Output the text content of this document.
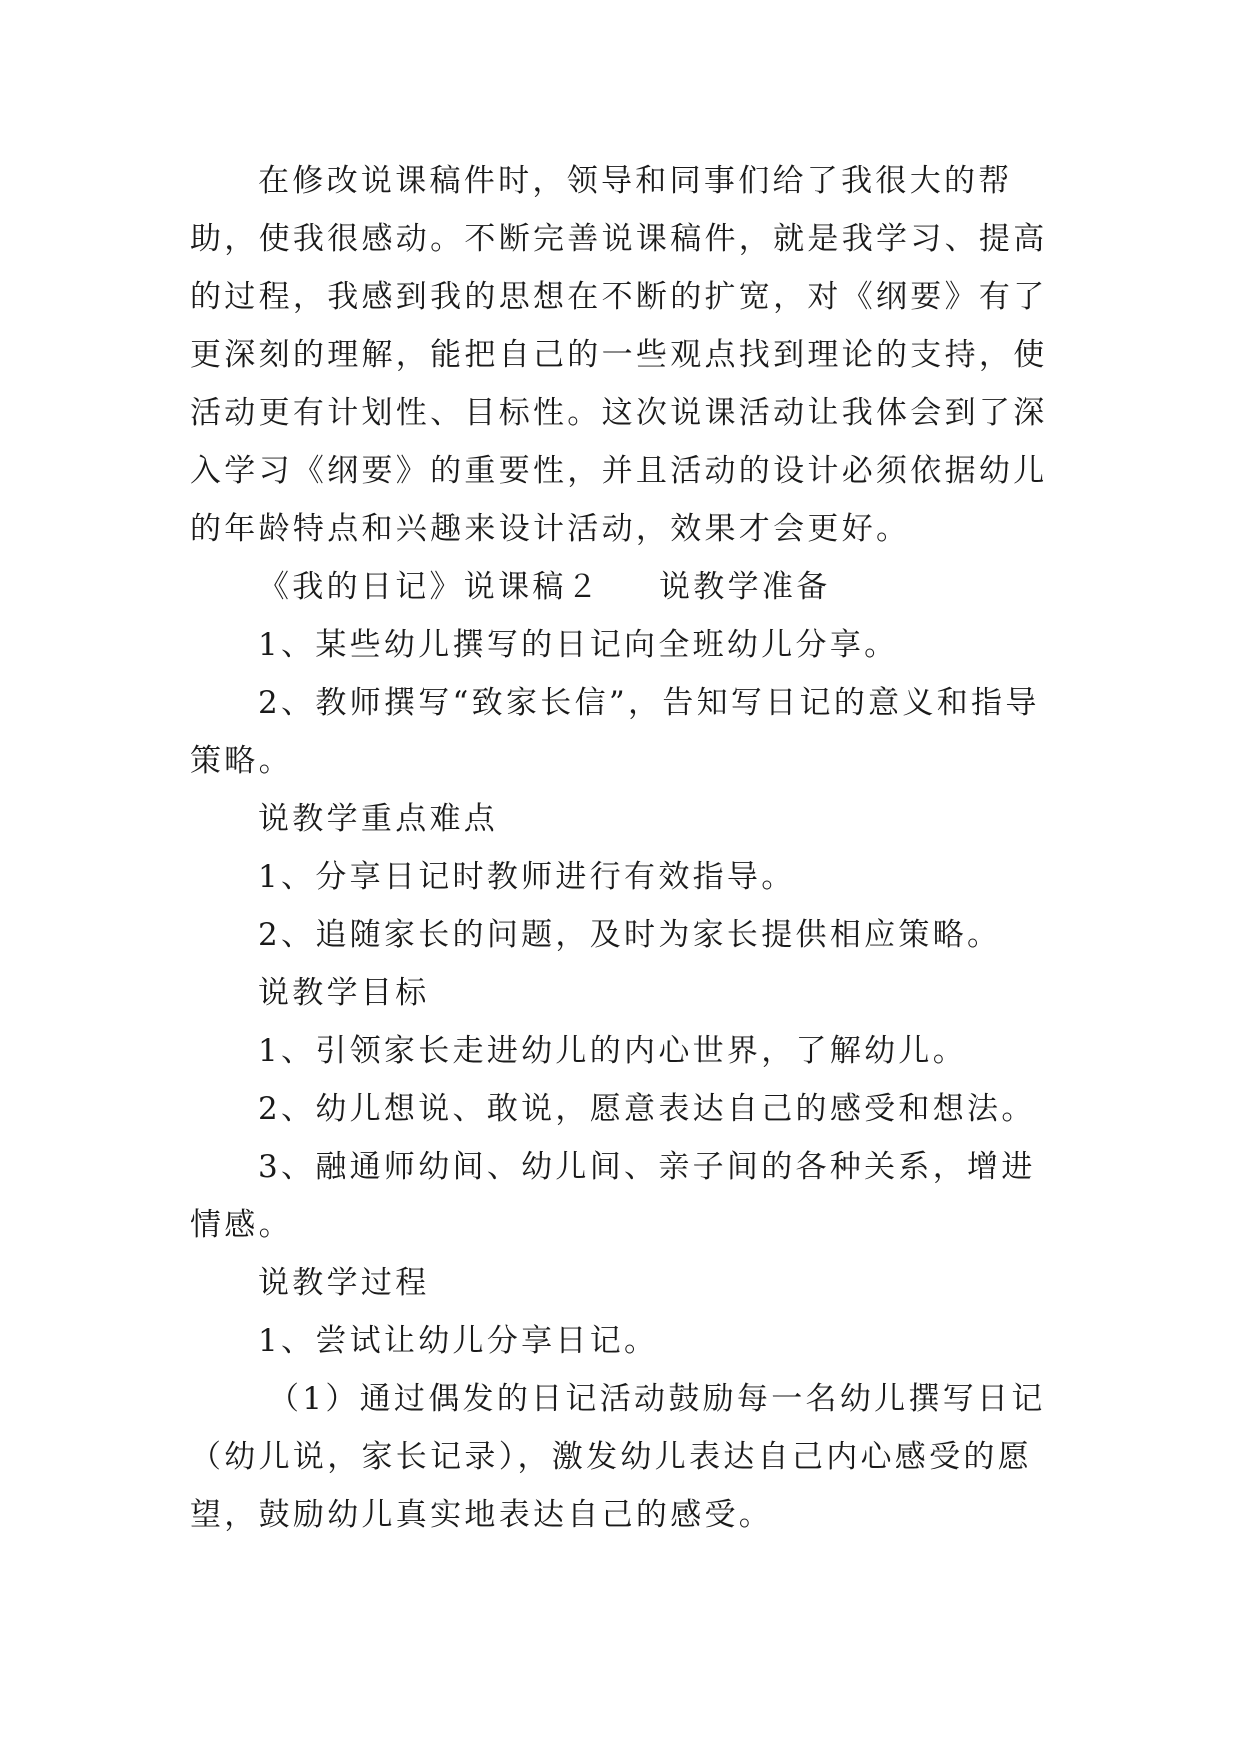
在修改说课稿件时，领导和同事们给了我很大的帮助，使我很感动。不断完善说课稿件，就是我学习、提高的过程，我感到我的思想在不断的扩宽，对《纲要》有了更深刻的理解，能把自己的一些观点找到理论的支持，使活动更有计划性、目标性。这次说课活动让我体会到了深入学习《纲要》的重要性，并且活动的设计必须依据幼儿的年龄特点和兴趣来设计活动，效果才会更好。

《我的日记》说课稿２ 说教学准备

1、某些幼儿撰写的日记向全班幼儿分享。

2、教师撰写“致家长信”，告知写日记的意义和指导策略。

说教学重点难点

1、分享日记时教师进行有效指导。

2、追随家长的问题，及时为家长提供相应策略。

说教学目标

1、引领家长走进幼儿的内心世界，了解幼儿。

2、幼儿想说、敢说，愿意表达自己的感受和想法。

3、融通师幼间、幼儿间、亲子间的各种关系，增进情感。

说教学过程

1、尝试让幼儿分享日记。

（1）通过偶发的日记活动鼓励每一名幼儿撰写日记（幼儿说，家长记录），激发幼儿表达自己内心感受的愿望，鼓励幼儿真实地表达自己的感受。
